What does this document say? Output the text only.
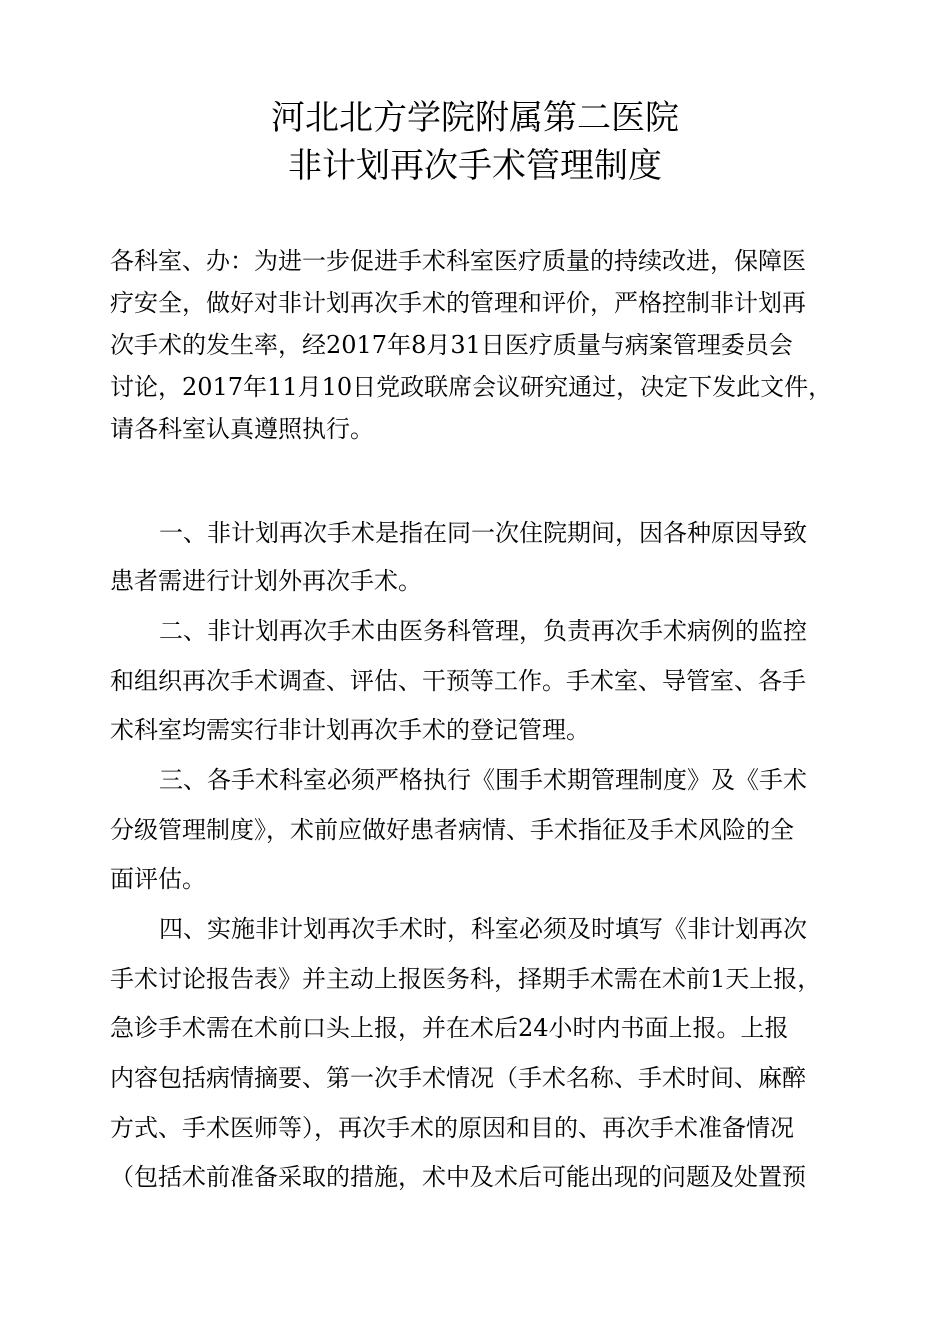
河北北方学院附属第二医院
非计划再次手术管理制度
各科室、办：为进一步促进手术科室医疗质量的持续改进，保障医
疗安全，做好对非计划再次手术的管理和评价，严格控制非计划再
次手术的发生率，经2017年8月31日医疗质量与病案管理委员会
讨论，2017年11月10日党政联席会议研究通过，决定下发此文件，
请各科室认真遵照执行。
一、非计划再次手术是指在同一次住院期间，因各种原因导致
患者需进行计划外再次手术。
二、非计划再次手术由医务科管理，负责再次手术病例的监控
和组织再次手术调查、评估、干预等工作。手术室、导管室、各手
术科室均需实行非计划再次手术的登记管理。
三、各手术科室必须严格执行《围手术期管理制度》及《手术
分级管理制度》，术前应做好患者病情、手术指征及手术风险的全
面评估。
四、实施非计划再次手术时，科室必须及时填写《非计划再次
手术讨论报告表》并主动上报医务科，择期手术需在术前1天上报，
急诊手术需在术前口头上报，并在术后24小时内书面上报。上报
内容包括病情摘要、第一次手术情况（手术名称、手术时间、麻醉
方式、手术医师等），再次手术的原因和目的、再次手术准备情况
（包括术前准备采取的措施，术中及术后可能出现的问题及处置预
